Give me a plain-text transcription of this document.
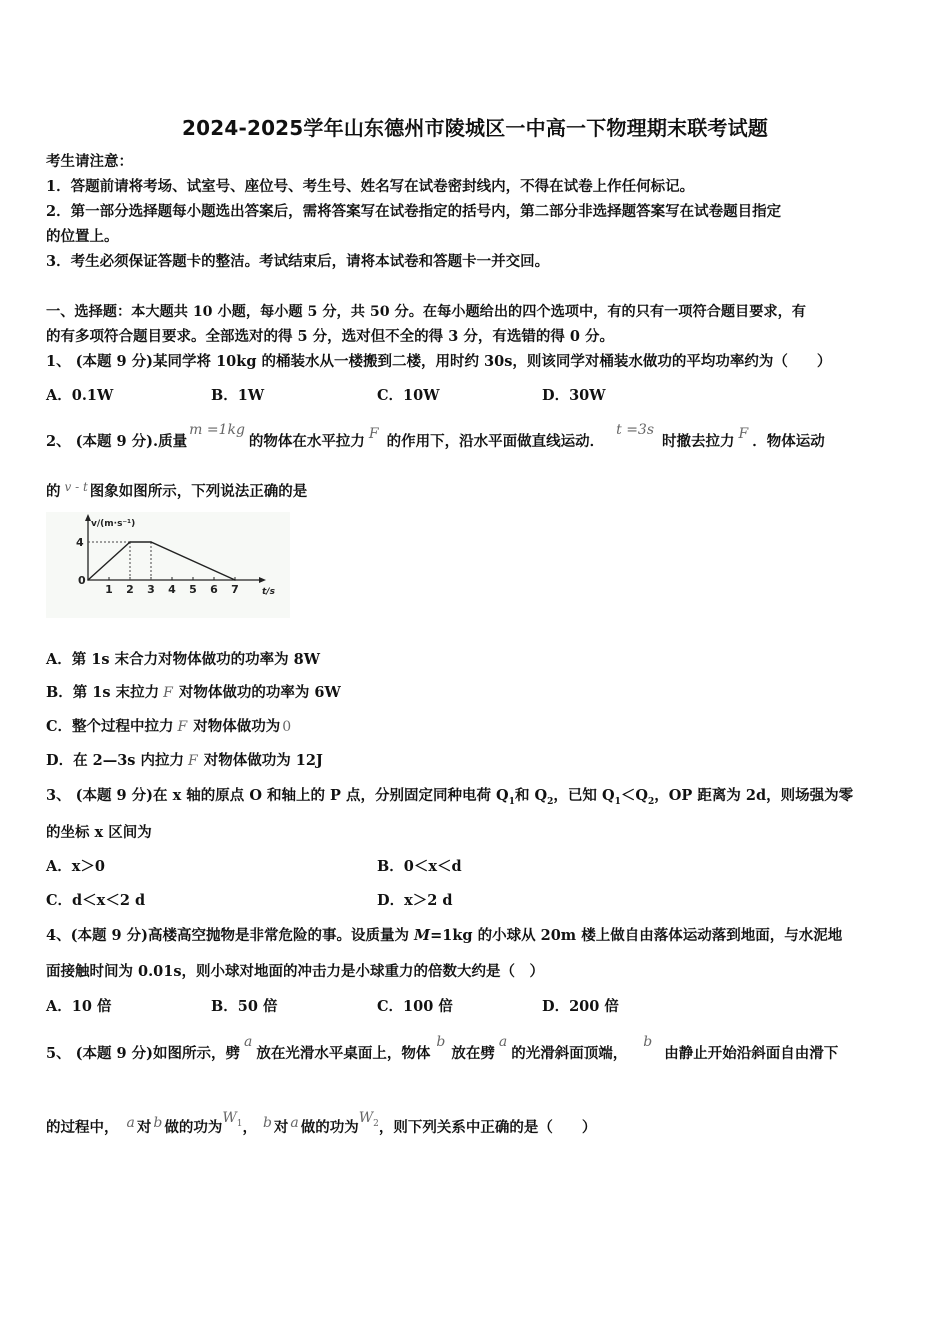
2024-2025学年山东德州市陵城区一中高一下物理期末联考试题
考生请注意：
1．答题前请将考场、试室号、座位号、考生号、姓名写在试卷密封线内，不得在试卷上作任何标记。
2．第一部分选择题每小题选出答案后，需将答案写在试卷指定的括号内，第二部分非选择题答案写在试卷题目指定
的位置上。
3．考生必须保证答题卡的整洁。考试结束后，请将本试卷和答题卡一并交回。
一、选择题：本大题共 10 小题，每小题 5 分，共 50 分。在每小题给出的四个选项中，有的只有一项符合题目要求，有
的有多项符合题目要求。全部选对的得 5 分，选对但不全的得 3 分，有选错的得 0 分。
1、 (本题 9 分)某同学将 10kg 的桶装水从一楼搬到二楼，用时约 30s，则该同学对桶装水做功的平均功率约为（　　）
A．0.1W	B．1W	C．10W	D．30W
2、 (本题 9 分).质量m =1kg的物体在水平拉力 F 的作用下，沿水平面做直线运动．t =3s时撤去拉力 F ．物体运动
的 $^{v - t}$ 图象如图所示，下列说法正确的是
v/(m·s⁻¹)
t/s
0
1 2 3 4 5 6 7
4
A．第 1s 末合力对物体做功的功率为 8W
B．第 1s 末拉力 F 对物体做功的功率为 6W
C．整个过程中拉力 F 对物体做功为 0
D．在 2—3s 内拉力 F 对物体做功为 12J
3、 (本题 9 分)在 x 轴的原点 O 和轴上的 P 点，分别固定同种电荷 $Q_1$和 $Q_2$，已知 $Q_1<Q_2$，OP 距离为 2d，则场强为零
的坐标 x 区间为
A．x＞0	B．0＜x＜d
C．d＜x＜2 d	D．x＞2 d
4、(本题 9 分)高楼高空抛物是非常危险的事。设质量为 M=1kg 的小球从 20m 楼上做自由落体运动落到地面，与水泥地
面接触时间为 0.01s，则小球对地面的冲击力是小球重力的倍数大约是（　）
A．10 倍	B．50 倍	C．100 倍	D．200 倍
5、 (本题 9 分)如图所示，劈a放在光滑水平桌面上，物体b放在劈a的光滑斜面顶端，b由静止开始沿斜面自由滑下
的过程中， a 对 b 做的功为$W_1$， b 对 a 做的功为$W_2$，则下列关系中正确的是（　　）
